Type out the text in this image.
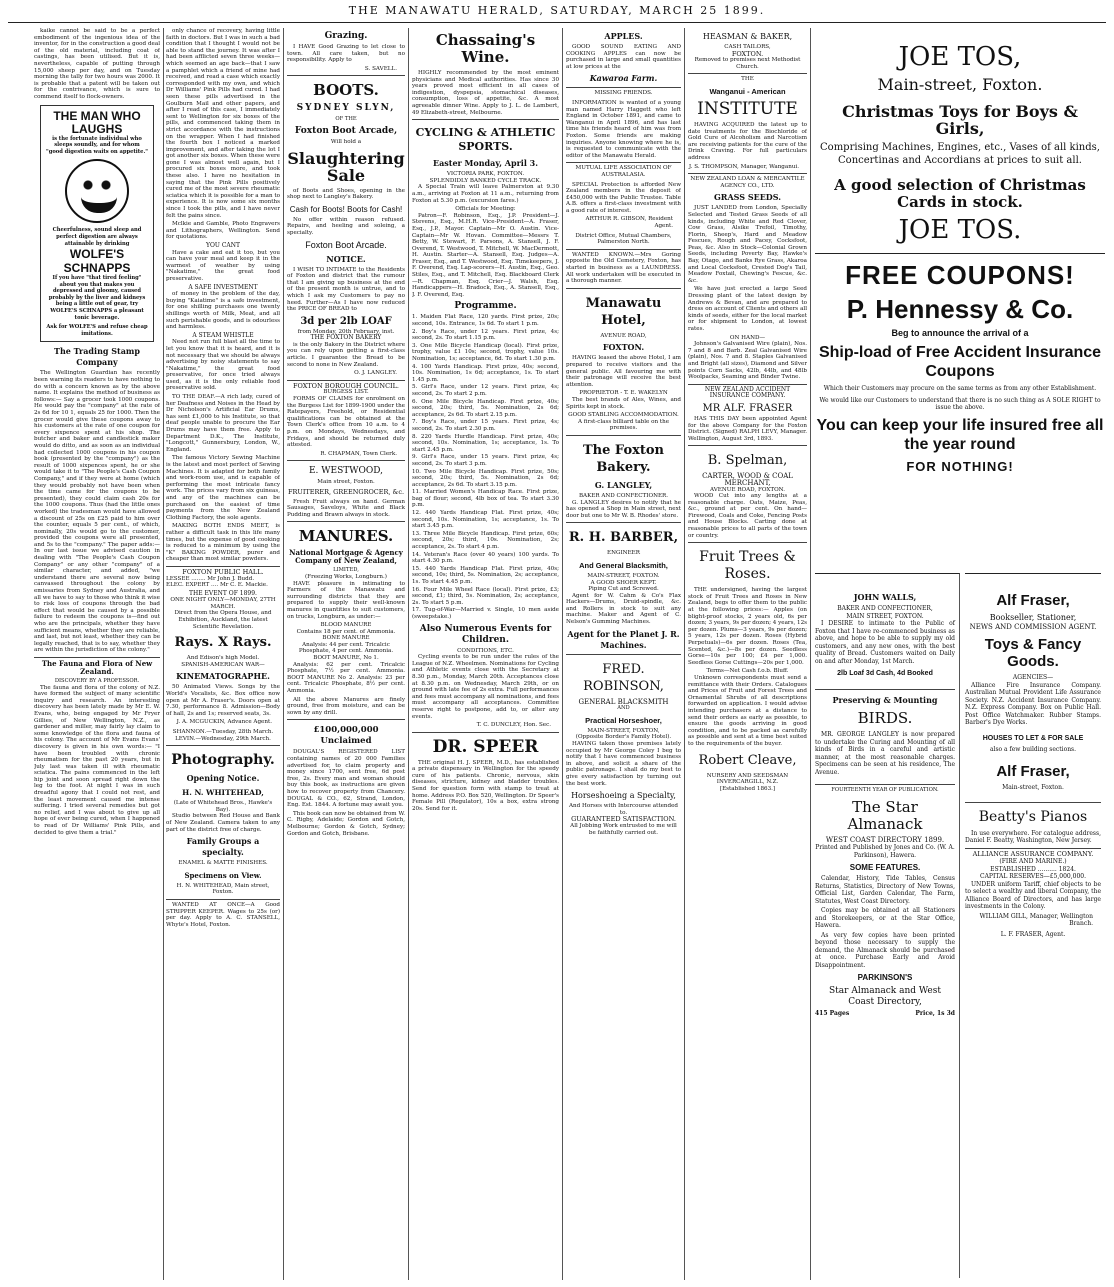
THE MANAWATU HERALD, SATURDAY, MARCH 25 1899.

kaike cannot be said to be a perfect embodiment of the ingenious idea of the inventor, for in the construction a good deal of the old material, including coat of castings, has been utilised. But it is, nevertheless, capable of putting through 15,000 sheep per day, and on Tuesday morning the tally for two hours was 2000. It is probable that a patent will be taken out for the contrivance, which is sure to commend itself to flock-owners.

THE MAN WHO LAUGHS
is the fortunate individual who sleeps soundly, and for whom "good digestion waits on appetite."
Cheerfulness, sound sleep and perfect digestion are always attainable by drinking
WOLFE'S SCHNAPPS
If you have "that tired feeling" about you that makes you depressed and gloomy, caused probably by the liver and kidneys being a little out of gear, try WOLFE'S SCHNAPPS a pleasant tonic beverage.
Ask for WOLFE'S and refuse cheap imitations.
The Trading Stamp Company

The Wellington Guardian has recently been warning its readers to have nothing to do with a concern known as by the above name. It explains the method of business as follows:— Say a grocer took 1000 coupons. He would pay the "company" at the rate of 2s 6d for 10 1, equals 25 for 1000. Then the grocer would give these coupons away to his customers at the rate of one coupon for every sixpence spent at his shop. The butcher and baker and candlestick maker would do ditto, and as soon as an individual had collected 1000 coupons in his coupon book (presented by the "company") as the result of 1000 sixpences spent, he or she would take it to "The People's Cash Coupon Company," and if they were at home (which they would probably not have been when the time came for the coupons to be presented), they could claim cash 20s for the 1000 coupons. Thus (had the little ones worked) the tradesman would have allowed a discount of 25s on £25 paid to him over the counter, equals 5 per cent., of which, nominally, 20s would go to the customer, provided the coupons were all presented, and 5s to the "company." The paper adds:—In our last issue we advised caution in dealing with "The People's Cash Coupon Company" or any other "company" of a similar character, and added, "we understand there are several now being canvassed throughout the colony by emissaries from Sydney and Australia, and all we have to say to those who think it wise to risk loss of coupons through the bad effect that would be caused by a possible failure to redeem the coupons is—find out who are the principals, whether they have sufficient means, whether they are reliable, and last, but not least, whether they can be legally reached, that is to say, whether they are within the jurisdiction of the colony."

The Fauna and Flora of New Zealand.
DISCOVERY BY A PROFESSOR.

The fauna and flora of the colony of N.Z. have formed the subject of many scientific inquiry and research. An interesting discovery has been lately made by Mr E. W. Evans, who, being engaged by Mr Fryer Gillies, of New Wellington, N.Z., as gardener and miller, may fairly lay claim to some knowledge of the flora and fauna of his colony. The account of Mr Evans Evans' discovery is given in his own words:— "I have been troubled with chronic rheumatism for the past 20 years, but in July last was taken ill with rheumatic sciatica. The pains commenced in the left hip joint and soon spread right down the leg to the foot. At night I was in such dreadful agony that I could not rest, and the least movement caused me intense suffering. I tried several remedies but got no relief, and I was about to give up all hope of ever being cured, when I happened to read of Dr Williams' Pink Pills, and decided to give them a trial."

only chance of recovery, having little faith in doctors. But I was in such a bad condition that I thought I would not be able to stand the journey. It was after I had been afflicted seven three weeks—which seemed an age back—that I saw a pamphlet which a friend of mine had received, and read a case which exactly corresponded with my own, and which Dr Williams' Pink Pills had cured. I had seen these pills advertised in the Goulburn Mail and other papers, and after I read of this case, I immediately sent to Wellington for six boxes of the pills, and commenced taking them in strict accordance with the instructions on the wrapper. When I had finished the fourth box I noticed a marked improvement, and after taking the lot I got another six boxes. When these were gone I was almost well again, but I procured six boxes more, and took these also. I have no hesitation in saying that the Pink Pills positively cured me of the most severe rheumatic sciatica which it is possible for a man to experience. It is now some six months since I took the pills, and I have never felt the pains since.

Mclkie and Gamble, Photo Engravers and Lithographers, Wellington. Send for quotations.

YOU CANT

Have a cake and eat it too, but you can have your meal and keep it in the warmest of weather by using "Nakatime," the great food preservative.

A SAFE INVESTMENT

of money in the problem of the day, buying "Kaiatime" is a safe investment, for one shilling purchases one twenty shillings worth of Milk, Meat, and all such perishable goods, and is odourless and harmless.

A STEAM WHISTLE

Need not run full blast all the time to let you know that it is heard, and it is not necessary that we should be always advertising by noisy statements to say "Nakatime," the great food preservative, for once tried always used, as it is the only reliable food preservative sold.

TO THE DEAF.—A rich lady, cured of her Deafness and Noises in the Head by Dr Nicholson's Artificial Ear Drums, has sent £1,000 to his Institute, so that deaf people unable to procure the Ear Drums may have them free. Apply to Department D.K., The Institute, "Longcott," Gunnersbury, London, W., England.

The famous Victory Sewing Machine is the latest and most perfect of Sewing Machines. It is adapted for both family and work-room use, and is capable of performing the most intricate fancy work. The prices vary from six guineas, and any of the machines can be purchased on the easiest of time payments from the New Zealand Clothing Factory, the sole agents.

MAKING BOTH ENDS MEET, is rather a difficult task in this life many times, but the expense of good cooking is reduced to a minimum by using the "K" BAKING POWDER, purer and cheaper than most similar powders.

FOXTON PUBLIC HALL.
LESSEE ........ Mr John J. Budd.
ELEC. EXPERT .... Mr C. E. Mackie.
THE EVENT OF 1899.
ONE NIGHT ONLY—MONDAY, 27TH MARCH.
Direct from the Opera House, and Exhibition, Auckland, the latest Scientific Revelation.
Rays. X Rays.
And Edison's high Model.
SPANISH-AMERICAN WAR—
KINEMATOGRAPHE.

50 Animated Views. Songs by the World's Vocalists, &c. Box office now open at Mr A. Fraser's. Doors open at 7.30, performance 8. Admission—Body of hall, 2s and 1s; reserved seats, 3s.

J. A. MCGUCKIN, Advance Agent.
SHANNON.—Tuesday, 28th March. LEVIN.—Wednesday, 29th March.
Photography.
Opening Notice.
H. N. WHITEHEAD,
(Late of Whitehead Bros., Hawke's Bay).

Studio between Red House and Bank of New Zealand. Camera taken to any part of the district free of charge.

Family Groups a specialty.
ENAMEL & MATTE FINISHES.
Specimens on View.
H. N. WHITEHEAD, Main street, Foxton.

WANTED AT ONCE—A Good STRIPPER KEEPER. Wages to 25s (or) per day. Apply to A. C. STANSELL, Whyte's Hotel, Foxton.

Grazing.

I HAVE Good Grazing to let close to town. All care taken, but no responsibility. Apply to

S. SAVELL.
BOOTS.
SYDNEY SLYN,
OF THE
Foxton Boot Arcade,
Will hold a
Slaughtering Sale

of Boots and Shoes, opening in the shop next to Langley's Bakery.

Cash for Boots! Boots for Cash!

No offer within reason refused. Repairs, and heeling and soleing, a specialty.

Foxton Boot Arcade.
NOTICE.

I WISH TO INTIMATE to the Residents of Foxton and district that the rumour that I am giving up business at the end of the present month is untrue, and to which I ask my Customers to pay no heed. Further—As I have now reduced the PRICE OF BREAD to

3d per 2lb LOAF
from Monday, 20th February, inst.
THE FOXTON BAKERY

is the only Bakery in the District where you can rely upon getting a first-class article. I guarantee the Bread to be second to none in New Zealand.

O. J. LANGLEY.
FOXTON BOROUGH COUNCIL.
BURGESS LIST.

FORMS OF CLAIMS for enrolment on the Burgess List for 1899-1900 under the Ratepayers, Freehold, or Residential qualifications can be obtained at the Town Clerk's office from 10 a.m. to 4 p.m. on Mondays, Wednesdays, and Fridays, and should be returned duly attested.

R. CHAPMAN, Town Clerk.
E. WESTWOOD,
Main street, Foxton.
FRUITERER, GREENGROCER, &c.

Fresh Fruit always on hand. German Sausages, Saveloys, White and Black Pudding and Brawn always in stock.

MANURES.
National Mortgage & Agency Company of New Zealand,
LIMITED,
(Freezing Works, Longburn.)

HAVE pleasure in intimating to Farmers of the Manawatu and surrounding districts that they are prepared to supply their well-known manures in quantities to suit customers, on trucks, Longburn, as under:—

BLOOD MANURE
Contains 18 per cent. of Ammonia.
BONE MANURE
Analysis: 44 per cent. Tricalcic Phosphate, 4 per cent. Ammonia.
BOOT MANURE, No 1.

Analysis: 62 per cent. Tricalcic Phosphate, 7½ per cent. Ammonia. BOOT MANURE No 2. Analysis: 23 per cent. Tricalcic Phosphate, 8½ per cent. Ammonia.

All the above Manures are finely ground, free from moisture, and can be sown by any drill.

£100,000,000 Unclaimed

DOUGAL'S REGISTERED LIST containing names of 20 000 Families advertised for, to claim property and money since 1700, sent free, 6d post free, 2s. Every man and woman should buy this book, as instructions are given how to recover property from Chancery. DOUGAL & CO., 62, Strand, London, Eng. Est. 1844. A fortune may await you.

This book can now be obtained from W. C. Rigby, Adelaide; Gordon and Gotch, Melbourne; Gordon & Gotch, Sydney; Gordon and Gotch, Brisbane.

Chassaing's Wine.

HIGHLY recommended by the most eminent physicians and Medical authorities. Has since 30 years proved most efficient in all cases of indigestion, dyspepsia, stomachical diseases, consumption, loss of appetite, &c. A most agreeable dinner Wine. Apply to J. L. de Lambert, 49 Elizabeth-street, Melbourne.

CYCLING & ATHLETIC SPORTS.
Easter Monday, April 3.
VICTORIA PARK, FOXTON.
SPLENDIDLY BANKED CYCLE TRACK.

A Special Train will leave Palmerston at 9.30 a.m., arriving at Foxton at 11 a.m., returning from Foxton at 5.30 p.m. (excursion fares.)

Officials for Meeting:

Patron—F. Robinson, Esq., J.P. President—J. Stevens, Esq., M.H.R. Vice-President—A. Fraser, Esq., J.P., Mayor. Captain—Mr O. Austin. Vice-Captain—Mr W. Hovan. Committee—Messrs T. Betty, W. Stewart, F. Parsons, A. Stansell, J. F. Overend, T. Westwood, T. Mitchell, W. MacDermott, H. Austin. Starter—A. Stansell, Esq. Judges—A. Fraser, Esq., and T. Westwood, Esq. Timekeepers, J. F. Overend, Esq. Lap-scorers—H. Austin, Esq., Geo. Stiles, Esq., and T. Mitchell, Esq. Blackboard Clerk—R. Chapman, Esq. Crier—J. Walsh, Esq. Handicappers—H. Bradock, Esq., A. Stansell, Esq., J. F. Overend, Esq.

Programme.
1. Maiden Flat Race, 120 yards. First prize, 20s; second, 10s. Entrance, 1s 6d. To start 1 p.m.
2. Boy's Race, under 12 years. First prize, 4s; second, 2s. To start 1.15 p.m.
3. One Mile Bicycle Handicap (local). First prize, trophy, value £1 10s; second, trophy, value 10s. Nomination, 1s; acceptance, 6d. To start 1.30 p.m.
4. 100 Yards Handicap. First prize, 40s; second, 10s. Nomination, 1s 6d; acceptance, 1s. To start 1.45 p.m.
5. Girl's Race, under 12 years. First prize, 4s; second, 2s. To start 2 p.m.
6. One Mile Bicycle Handicap. First prize, 40s; second, 20s; third, 5s. Nomination, 2s 6d; acceptance, 2s 6d. To start 2.15 p.m.
7. Boy's Race, under 15 years. First prize, 4s; second, 2s. To start 2.30 p.m.
8. 220 Yards Hurdle Handicap. First prize, 40s; second, 10s. Nomination, 1s; acceptance, 1s. To start 2.45 p.m.
9. Girl's Race, under 15 years. First prize, 4s; second, 2s. To start 3 p.m.
10. Two Mile Bicycle Handicap. First prize, 50s; second, 20s; third, 5s. Nomination, 2s 6d; acceptance, 2s 6d. To start 3.15 p.m.
11. Married Women's Handicap Race. First prize, bag of flour; second, 4lb box of tea. To start 3.30 p.m.
12. 440 Yards Handicap Flat. First prize, 40s; second, 10s. Nomination, 1s; acceptance, 1s. To start 3.45 p.m.
13. Three Mile Bicycle Handicap. First prize, 60s; second, 20s; third, 10s. Nomination, 2s; acceptance, 2s. To start 4 p.m.
14. Veteran's Race (over 40 years) 100 yards. To start 4.30 p.m.
15. 440 Yards Handicap Flat. First prize, 40s; second, 10s; third, 5s. Nomination, 2s; acceptance, 1s. To start 4.45 p.m.
16. Four Mile Wheel Race (local). First prize, £3; second, £1; third, 5s. Nomination, 2s; acceptance, 2s. To start 5 p.m.
17. Tug-of-War—Married v. Single, 10 men aside (sweepstake.)
Also Numerous Events for Children.
CONDITIONS, ETC.

Cycling events to be run under the rules of the League of N.Z. Wheelmen. Nominations for Cycling and Athletic events close with the Secretary at 8.30 p.m., Monday, March 20th. Acceptances close at 8.30 p.m. on Wednesday, March 29th, or on ground with late fee of 2s extra. Full performances and fees must accompany all nominations, and fees must accompany all acceptances. Committee reserve right to postpone, add to, or alter any events.

T. C. DUNCLEY, Hon. Sec.
DR. SPEER

THE original H. J. SPEER, M.D., has established a private dispensary in Wellington for the speedy cure of his patients. Chronic, nervous, skin diseases, stricture, kidney and bladder troubles. Send for question form with stamp to treat at home. Address P.O. Box 520, Wellington. Dr Speer's Female Pill (Regulator), 10s a box, extra strong 20s. Send for it.

APPLES.

GOOD SOUND EATING AND COOKING APPLES can now be purchased in large and small quantities at low prices at the

Kawaroa Farm.
MISSING FRIENDS.

INFORMATION is wanted of a young man named Harry Haggett who left England in October 1891, and came to Wanganui in April 1896, and has last time his friends heard of him was from Foxton. Some friends are making inquiries. Anyone knowing where he is, is requested to communicate with the editor of the Manawatu Herald.

MUTUAL LIFE ASSOCIATION OF AUSTRALASIA.

SPECIAL Protection is afforded New Zealand members in the deposit of £450,000 with the Public Trustee. Table A.B. offers a first-class investment with a good rate of interest.

ARTHUR R. GIBSON, Resident Agent.
District Office, Mutual Chambers, Palmerston North.

WANTED KNOWN.—Mrs Goring opposite the Old Cemetery, Foxton, has started in business as a LAUNDRESS. All work undertaken will be executed in a thorough manner.

Manawatu Hotel,
AVENUE ROAD,
FOXTON.

HAVING leased the above Hotel, I am prepared to receive visitors and the general public. All favouring me with their patronage will receive the best attention.

PROPRIETOR - T. E. WAKELYN

The best brands of Ales, Wines, and Spirits kept in stock.

GOOD STABLING ACCOMMODATION.
A first-class billiard table on the premises.
The Foxton Bakery.
G. LANGLEY,
BAKER AND CONFECTIONER.

G. LANGLEY desires to notify that he has opened a Shop in Main street, next door but one to Mr W. B. Rhodes' store.

R. H. BARBER,
ENGINEER
And General Blacksmith,
MAIN-STREET, FOXTON.
A GOOD SHOER KEPT.
Piping Cut and Screwed.

Agent for W. Cahm & Co's Flax Hackers—Drums, Druid-spindle, &c. and Rollers in stock to suit any machine. Maker and Agent of C. Nelson's Gumming Machines.

Agent for the Planet J. R. Machines.
FRED. ROBINSON,
GENERAL BLACKSMITH
AND
Practical Horseshoer,
MAIN-STREET, FOXTON,
(Opposite Border's Family Hotel).

HAVING taken those premises lately occupied by Mr George Coley I beg to notify that I have commenced business in above, and solicit a share of the public patronage. I shall do my best to give every satisfaction by turning out the best work.

Horseshoeing a Specialty,
And Horses with Intercourse attended to.
GUARANTEED SATISFACTION.
All Jobbing Work entrusted to me will be faithfully carried out.
HEASMAN & BAKER,
CASH TAILORS,
FOXTON.
Removed to premises next Methodist Church.
THE
Wanganui - American
INSTITUTE

HAVING ACQUIRED the latest up to date treatments for the Biochloride of Gold Cure of Alcoholism and Narcotism are receiving patients for the cure of the Drink Craving. For full particulars address

J. S. THOMPSON, Manager, Wanganui.
NEW ZEALAND LOAN & MERCANTILE AGENCY CO., LTD.
GRASS SEEDS.

JUST LANDED from London, Specially Selected and Tested Grass Seeds of all kinds, including White and Red Clover, Cow Grass, Alsike Trefoil, Timothy, Florin, Sheep's, Hard and Meadow Fescues, Rough and Pacey, Cocksfoot, Peas, &c. Also in Stock—Colonial Grown Seeds, including Poverty Bay, Hawke's Bay, Otago, and Banks Rye Grass, Akaroa and Local Cocksfoot, Crested Dog's Tail, Meadow Foxtail, Chewing's Fescue, &c. &c.

We have just erected a large Seed Dressing plant of the latest design by Andrews & Bevan, and are prepared to dress on account of Clients and others all kinds of seeds, either for the local market or for shipment to London, at lowest rates.

ON HAND—

Johnson's Galvanised Wire (plain), Nos. 7 and 8 and Barb. Zeal Galvanised Wire (plain), Nos. 7 and 8. Staples Galvanised and Bright (all sizes), Diamond and Silver points Corn Sacks, 42lb, 44lb, and 48lb Woolpacks, Seaming and Binder Twine.

NEW ZEALAND ACCIDENT INSURANCE COMPANY.
MR ALF. FRASER

HAS THIS DAY been appointed Agent for the above Company for the Foxton District. (Signed) RALPH LEVY, Manager. Wellington, August 3rd, 1893.

B. Spelman,
CARTER, WOOD & COAL MERCHANT,
AVENUE ROAD, FOXTON.

WOOD Cut into any lengths at a reasonable charge. Oats, Maize, Peas, &c., ground at per cent. On hand—Firewood, Coals and Coke, Fencing Posts and House Blocks. Carting done at reasonable prices to all parts of the town or country.

Fruit Trees & Roses.

THE undersigned, having the largest stock of Fruit Trees and Roses in New Zealand, begs to offer them to the public at the following prices:— Apples (on blight-proof stocks, 2 years old, 6s per dozen; 3 years, 9s per dozen; 4 years, 12s per dozen. Plums—3 years, 9s per dozen; 5 years, 12s per dozen. Roses (Hybrid Perpetuals)—6s per dozen. Roses (Tea, Scented, &c.)—8s per dozen. Seedless Gorse—10s per 100; £4 per 1,000. Seedless Gorse Cuttings—20s per 1,000.

Terms—Net Cash f.o.b. Bluff.

Unknown correspondents must send a remittance with their Orders. Catalogues and Prices of Fruit and Forest Trees and Ornamental Shrubs of all descriptions forwarded on application. I would advise intending purchasers at a distance to send their orders as early as possible, to ensure the goods arriving in good condition, and to be packed as carefully as possible and sent at a time best suited to the requirements of the buyer.

Robert Cleave,
NURSERY AND SEEDSMAN
INVERCARGILL, N.Z.
[Established 1863.]
JOE TOS,
Main-street, Foxton.
Christmas Toys for Boys & Girls,
Comprising Machines, Engines, etc., Vases of all kinds, Concertinas and Accordians at prices to suit all.
A good selection of Christmas Cards in stock.
JOE TOS.
FREE COUPONS!
P. Hennessy & Co.
Beg to announce the arrival of a
Ship-load of Free Accident Insurance Coupons
Which their Customers may procure on the same terms as from any other Establishment.
We would like our Customers to understand that there is no such thing as A SOLE RIGHT to issue the above.
You can keep your life insured free all the year round
FOR NOTHING!
JOHN WALLS,
BAKER AND CONFECTIONER,
MAIN STREET, FOXTON.

I DESIRE to intimate to the Public of Foxton that I have re-commenced business as above, and hope to be able to supply my old customers, and any new ones, with the best quality of Bread. Customers waited on Daily on and after Monday, 1st March.

2lb Loaf 3d Cash, 4d Booked
Preserving & Mounting
BIRDS.

MR. GEORGE LANGLEY is now prepared to undertake the Curing and Mounting of all kinds of Birds in a careful and artistic manner, at the most reasonable charges. Specimens can be seen at his residence, The Avenue.

FOURTEENTH YEAR OF PUBLICATION.
The Star Almanack
WEST COAST DIRECTORY 1899.
Printed and Published by Jones and Co. (W. A. Parkinson), Hawera.
SOME FEATURES.

Calendar, History, Tide Tables, Census Returns, Statistics, Directory of New Towns, Official List, Garden Calendar, The Farm, Statutes, West Coast Directory.

Copies may be obtained at all Stationers and Storekeepers, or at the Star Office, Hawera.

As very few copies have been printed beyond those necessary to supply the demand, the Almanack should be purchased at once. Purchase Early and Avoid Disappointment.

PARKINSON'S
Star Almanack and West Coast Directory,
415 Pages	Price, 1s 3d
Alf Fraser,
Bookseller, Stationer,
NEWS AND COMMISSION AGENT.
Toys & Fancy Goods.
AGENCIES—

Alliance Fire Insurance Company. Australian Mutual Provident Life Assurance Society. N.Z. Accident Insurance Company. N.Z. Express Company. Box on Public Hall. Post Office Watchmaker. Rubber Stamps. Barber's Dye Works.

HOUSES TO LET & FOR SALE
also a few building sections.
Alf Fraser,
Main-street, Foxton.
Beatty's Pianos

In use everywhere. For catalogue address, Daniel F. Beatty, Washington, New Jersey.

ALLIANCE ASSURANCE COMPANY.
(FIRE AND MARINE.)
ESTABLISHED .......... 1824.
CAPITAL RESERVES—£5,000,000.

UNDER uniform Tariff, chief objects to be to select a wealthy and liberal Company, the Alliance Board of Directors, and has large investments in the Colony.

WILLIAM GILL, Manager, Wellington Branch.
L. F. FRASER, Agent.
